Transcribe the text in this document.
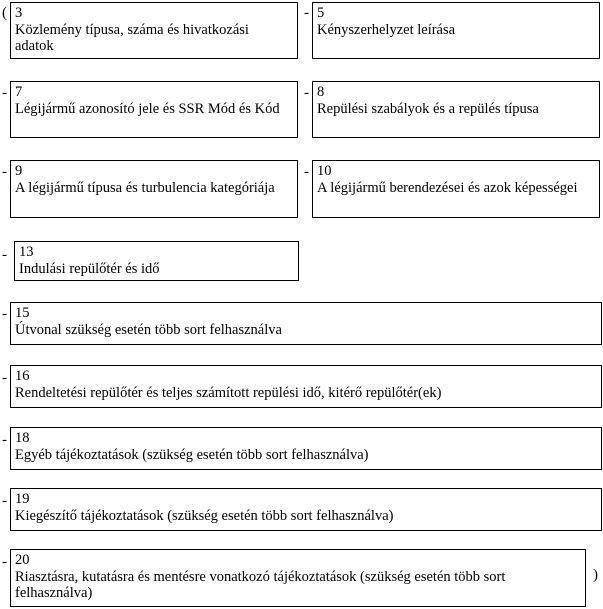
(	-
-	-
-	-
-
-
-
-
-
-
3
Közlemény típusa, száma és hivatkozási adatok
5
Kényszerhelyzet leírása
7
Légijármű azonosító jele és SSR Mód és Kód
8
Repülési szabályok és a repülés típusa
9
A légijármű típusa és turbulencia kategóriája
10
A légijármű berendezései és azok képességei
13
Indulási repülőtér és idő
15
Útvonal szükség esetén több sort felhasználva
16
Rendeltetési repülőtér és teljes számított repülési idő, kitérő repülőtér(ek)
18
Egyéb tájékoztatások (szükség esetén több sort felhasználva)
19
Kiegészítő tájékoztatások (szükség esetén több sort felhasználva)
20
Riasztásra, kutatásra és mentésre vonatkozó tájékoztatások (szükség esetén több sort felhasználva)
)
